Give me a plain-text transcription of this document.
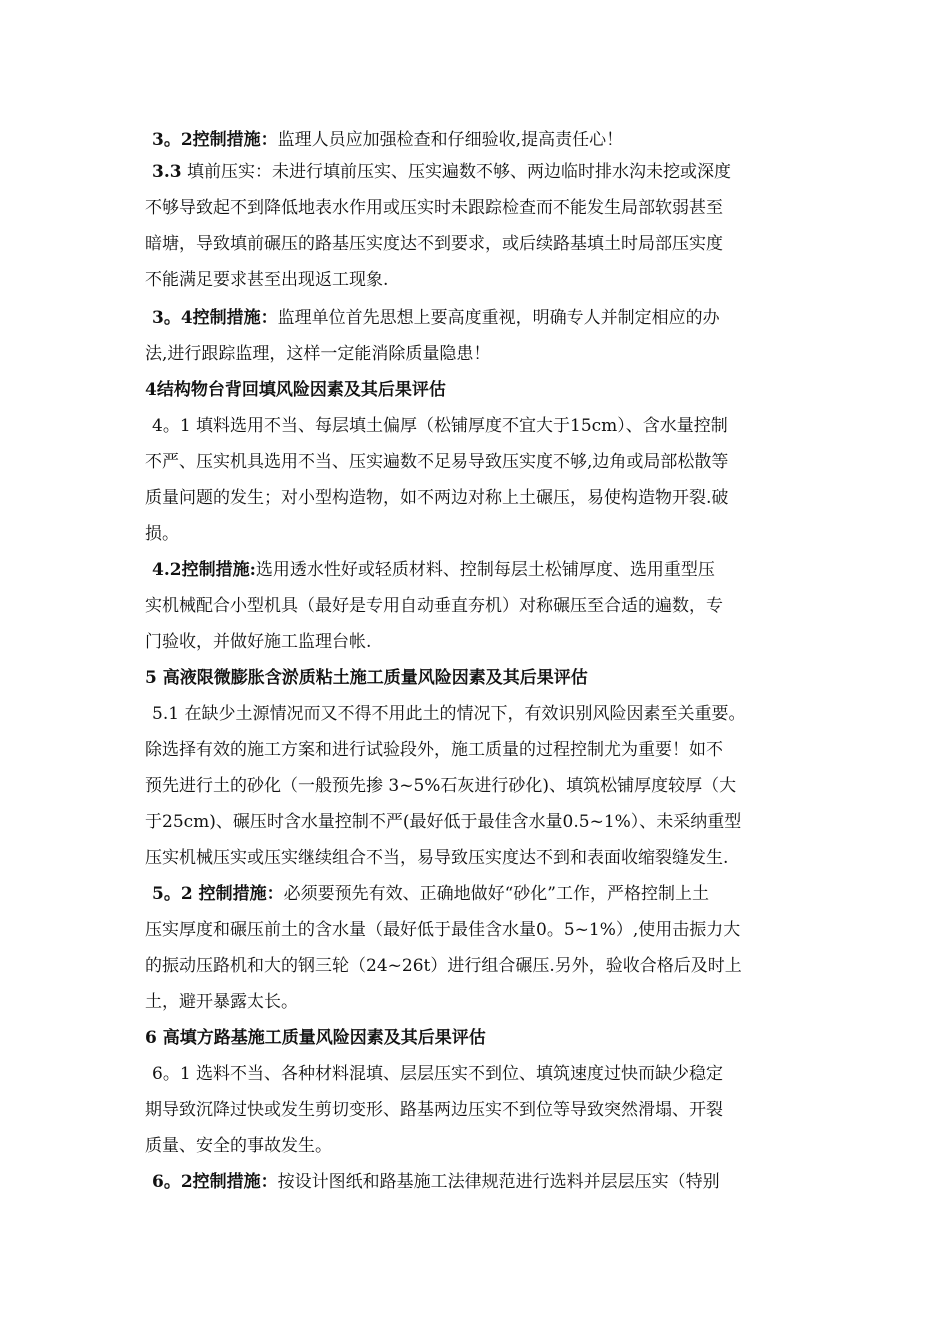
3。2控制措施：监理人员应加强检查和仔细验收,提高责任心！
3.3 填前压实：未进行填前压实、压实遍数不够、两边临时排水沟未挖或深度
不够导致起不到降低地表水作用或压实时未跟踪检查而不能发生局部软弱甚至
暗塘，导致填前碾压的路基压实度达不到要求，或后续路基填土时局部压实度
不能满足要求甚至出现返工现象.
3。4控制措施：监理单位首先思想上要高度重视，明确专人并制定相应的办
法,进行跟踪监理，这样一定能消除质量隐患！
4结构物台背回填风险因素及其后果评估
4。1 填料选用不当、每层填土偏厚（松铺厚度不宜大于15cm）、含水量控制
不严、压实机具选用不当、压实遍数不足易导致压实度不够,边角或局部松散等
质量问题的发生；对小型构造物，如不两边对称上土碾压，易使构造物开裂.破
损。
4.2控制措施:选用透水性好或轻质材料、控制每层土松铺厚度、选用重型压
实机械配合小型机具（最好是专用自动垂直夯机）对称碾压至合适的遍数，专
门验收，并做好施工监理台帐.
5 高液限微膨胀含淤质粘土施工质量风险因素及其后果评估
5.1 在缺少土源情况而又不得不用此土的情况下，有效识别风险因素至关重要。
除选择有效的施工方案和进行试验段外，施工质量的过程控制尤为重要！如不
预先进行土的砂化（一般预先掺 3~5%石灰进行砂化)、填筑松铺厚度较厚（大
于25cm)、碾压时含水量控制不严(最好低于最佳含水量0.5~1%）、未采纳重型
压实机械压实或压实继续组合不当，易导致压实度达不到和表面收缩裂缝发生.
5。2 控制措施：必须要预先有效、正确地做好“砂化”工作，严格控制上土
压实厚度和碾压前土的含水量（最好低于最佳含水量0。5~1%）,使用击振力大
的振动压路机和大的钢三轮（24~26t）进行组合碾压.另外，验收合格后及时上
土，避开暴露太长。
6 高填方路基施工质量风险因素及其后果评估
6。1 选料不当、各种材料混填、层层压实不到位、填筑速度过快而缺少稳定
期导致沉降过快或发生剪切变形、路基两边压实不到位等导致突然滑塌、开裂
质量、安全的事故发生。
6。2控制措施：按设计图纸和路基施工法律规范进行选料并层层压实（特别
